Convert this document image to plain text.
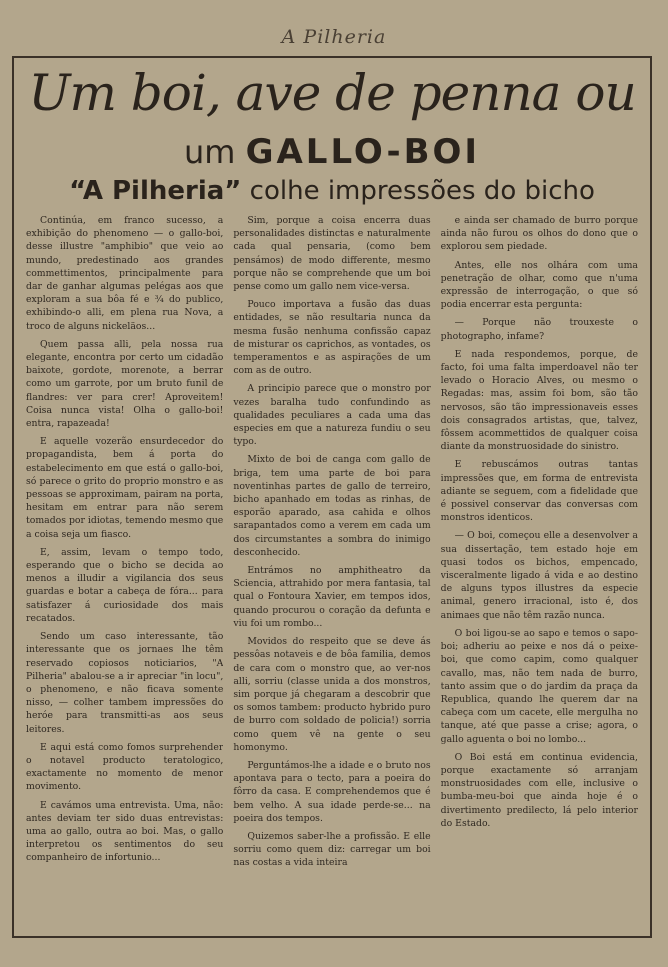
A Pilheria
Um boi, ave de penna ou
um GALLO-BOI
“A Pilheria” colhe impressões do bicho

Continúa, em franco sucesso, a exhibição do phenomeno — o gallo-boi, desse illustre "amphibio" que veio ao mundo, predestinado aos grandes commettimentos, principalmente para dar de ganhar algumas pelégas aos que exploram a sua bôa fé e ¾ do publico, exhibindo-o alli, em plena rua Nova, a troco de alguns nickeläos...

Quem passa alli, pela nossa rua elegante, encontra por certo um cidadão baixote, gordote, morenote, a berrar como um garrote, por um bruto funil de flandres: ver para crer! Aproveitem! Coisa nunca vista! Olha o gallo-boi! entra, rapazeada!

E aquelle vozerão ensurdecedor do propagandista, bem á porta do estabelecimento em que está o gallo-boi, só parece o grito do proprio monstro e as pessoas se approximam, pairam na porta, hesitam em entrar para não serem tomados por idiotas, temendo mesmo que a coisa seja um fiasco.

E, assim, levam o tempo todo, esperando que o bicho se decida ao menos a illudir a vigilancia dos seus guardas e botar a cabeça de fóra... para satisfazer á curiosidade dos mais recatados.

Sendo um caso interessante, tão interessante que os jornaes lhe têm reservado copiosos noticiarios, "A Pilheria" abalou-se a ir apreciar "in locu", o phenomeno, e não ficava somente nisso, — colher tambem impressões do heróe para transmitti-as aos seus leitores.

E aqui está como fomos surprehender o notavel producto teratologico, exactamente no momento de menor movimento.

E cavámos uma entrevista. Uma, não: antes deviam ter sido duas entrevistas: uma ao gallo, outra ao boi. Mas, o gallo interpretou os sentimentos do seu companheiro de infortunio...

Sim, porque a coisa encerra duas personalidades distinctas e naturalmente cada qual pensaria, (como bem pensámos) de modo differente, mesmo porque não se comprehende que um boi pense como um gallo nem vice-versa.

Pouco importava a fusão das duas entidades, se não resultaria nunca da mesma fusão nenhuma confissão capaz de misturar os caprichos, as vontades, os temperamentos e as aspirações de um com as de outro.

A principio parece que o monstro por vezes baralha tudo confundindo as qualidades peculiares a cada uma das especies em que a natureza fundiu o seu typo.

Mixto de boi de canga com gallo de briga, tem uma parte de boi para noventinhas partes de gallo de terreiro, bicho apanhado em todas as rinhas, de esporão aparado, asa cahida e olhos sarapantados como a verem em cada um dos circumstantes a sombra do inimigo desconhecido.

Entrámos no amphitheatro da Sciencia, attrahido por mera fantasia, tal qual o Fontoura Xavier, em tempos idos, quando procurou o coração da defunta e viu foi um rombo...

Movidos do respeito que se deve ás pessôas notaveis e de bôa familia, demos de cara com o monstro que, ao ver-nos alli, sorriu (classe unida a dos monstros, sim porque já chegaram a descobrir que os somos tambem: producto hybrido puro de burro com soldado de policia!) sorria como quem vê na gente o seu homonymo.

Perguntámos-lhe a idade e o bruto nos apontava para o tecto, para a poeira do fôrro da casa. E comprehendemos que é bem velho. A sua idade perde-se... na poeira dos tempos.

Quizemos saber-lhe a profissão. E elle sorriu como quem diz: carregar um boi nas costas a vida inteira

e ainda ser chamado de burro porque ainda não furou os olhos do dono que o explorou sem piedade.

Antes, elle nos olhára com uma penetração de olhar, como que n'uma expressão de interrogação, o que só podia encerrar esta pergunta:

— Porque não trouxeste o photographo, infame?

E nada respondemos, porque, de facto, foi uma falta imperdoavel não ter levado o Horacio Alves, ou mesmo o Regadas: mas, assim foi bom, são tão nervosos, são tão impressionaveis esses dois consagrados artistas, que, talvez, fôssem acommettidos de qualquer coisa diante da monstruosidade do sinistro.

E rebuscámos outras tantas impressões que, em forma de entrevista adiante se seguem, com a fidelidade que é possivel conservar das conversas com monstros identicos.

— O boi, começou elle a desenvolver a sua dissertação, tem estado hoje em quasi todos os bichos, empencado, visceralmente ligado á vida e ao destino de alguns typos illustres da especie animal, genero irracional, isto é, dos animaes que não têm razão nunca.

O boi ligou-se ao sapo e temos o sapo-boi; adheriu ao peixe e nos dá o peixe-boi, que como capim, como qualquer cavallo, mas, não tem nada de burro, tanto assim que o do jardim da praça da Republica, quando lhe querem dar na cabeça com um cacete, elle mergulha no tanque, até que passe a crise; agora, o gallo aguenta o boi no lombo...

O Boi está em continua evidencia, porque exactamente só arranjam monstruosidades com elle, inclusive o bumba-meu-boi que ainda hoje é o divertimento predilecto, lá pelo interior do Estado.
